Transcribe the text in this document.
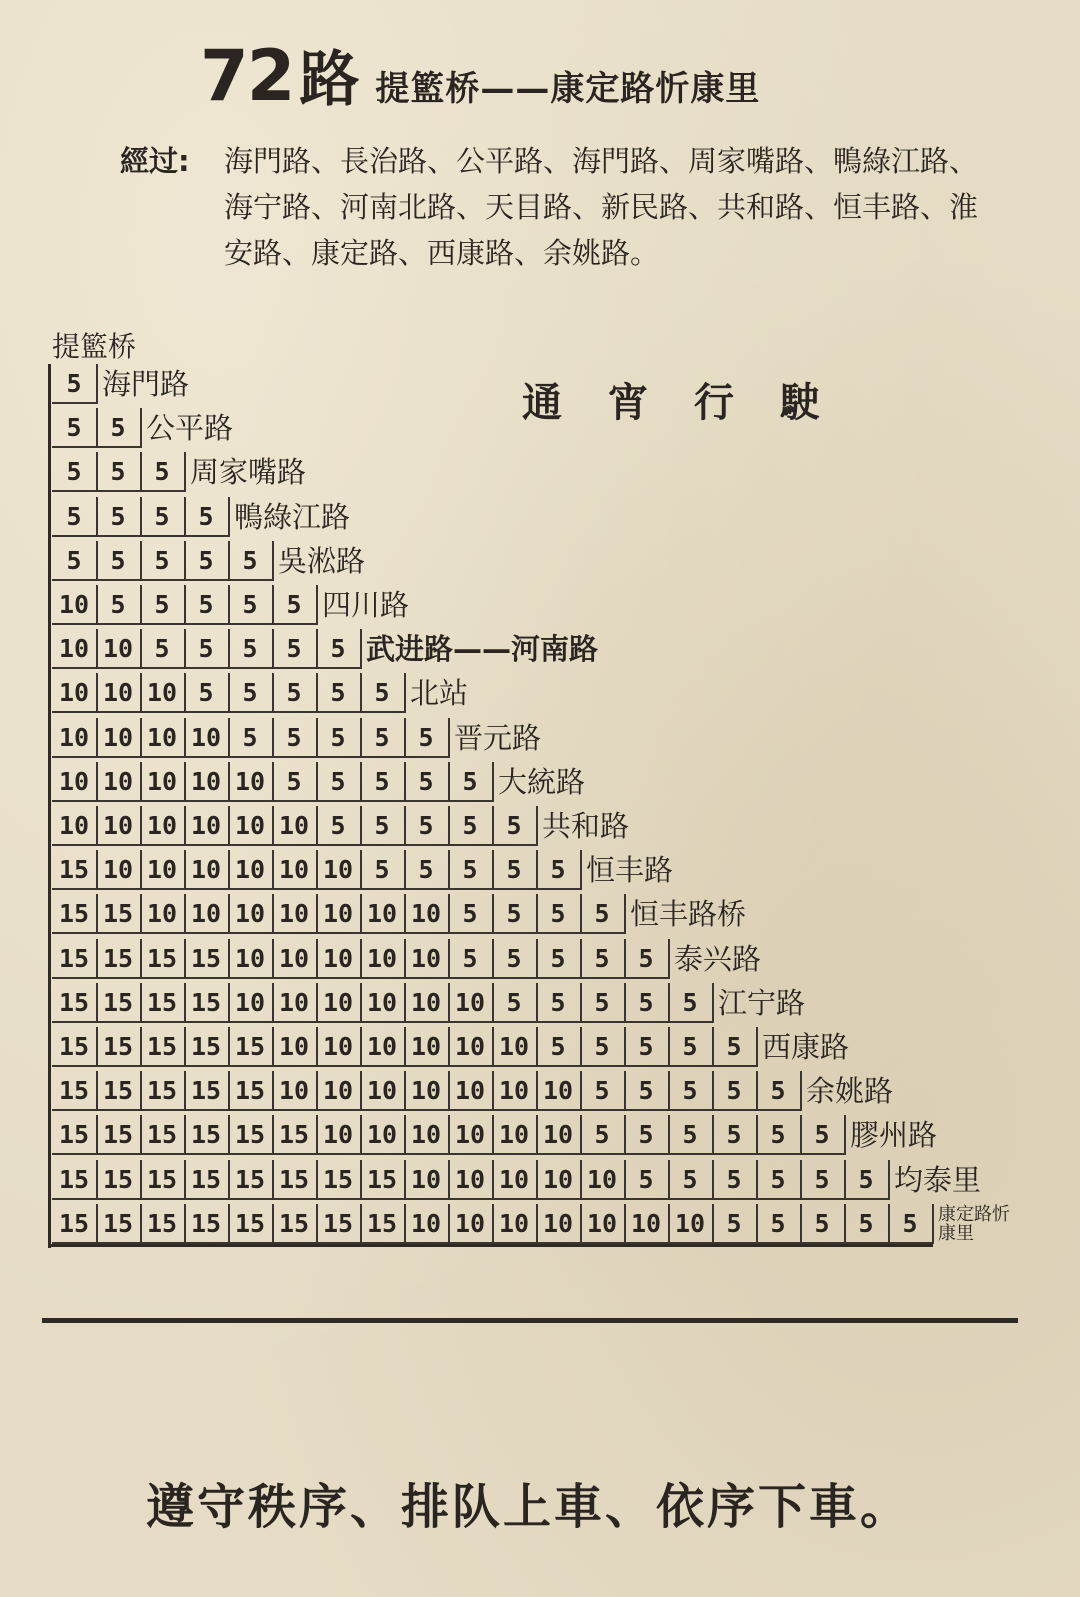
72 路 提籃桥——康定路忻康里
經过: 海門路、長治路、公平路、海門路、周家嘴路、鴨綠江路、海宁路、河南北路、天目路、新民路、共和路、恒丰路、淮安路、康定路、西康路、余姚路。
提籃桥
通宵行駛
5 海門路
5	5 公平路
5	5	5 周家嘴路
5	5	5	5 鴨綠江路
5	5	5	5	5 吳淞路
10 5	5	5	5	5 四川路
10 10 5	5	5	5	5 武进路——河南路
10 10 10 5	5	5	5	5 北站
10 10 10 10 5	5	5	5	5 晋元路
10 10 10 10 10 5	5	5	5	5 大統路
10 10 10 10 10 10 5	5	5	5	5 共和路
15 10 10 10 10 10 10 5	5	5	5	5 恒丰路
15 15 10 10 10 10 10 10 10 5	5	5	5 恒丰路桥
15 15 15 15 10 10 10 10 10 5	5	5	5	5 泰兴路
15 15 15 15 10 10 10 10 10 10 5	5	5	5	5 江宁路
15 15 15 15 15 10 10 10 10 10 10 5	5	5	5	5 西康路
15 15 15 15 15 10 10 10 10 10 10 10 5	5	5	5	5 余姚路
15 15 15 15 15 15 10 10 10 10 10 10 5	5	5	5	5	5 膠州路
15 15 15 15 15 15 15 15 10 10 10 10 10 5	5	5	5	5	5 均泰里
15 15 15 15 15 15 15 15 10 10 10 10 10 10 10 5	5	5	5	5	康定路忻康里
遵守秩序、排队上車、依序下車。
